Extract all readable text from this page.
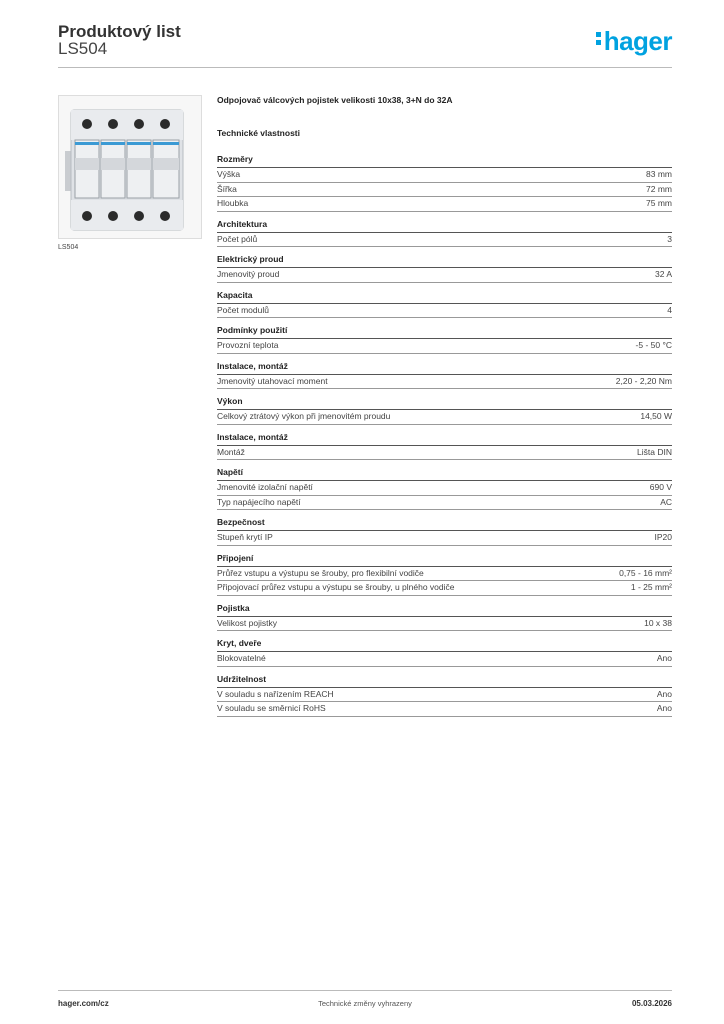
Produktový list
LS504	hager
LS504
Odpojovač válcových pojistek velikosti 10x38, 3+N do 32A
Technické vlastnosti
Rozměry
Výška	83 mm
Šířka	72 mm
Hloubka	75 mm
Architektura
Počet pólů	3
Elektrický proud
Jmenovitý proud	32 A
Kapacita
Počet modulů	4
Podmínky použití
Provozní teplota	-5 - 50 °C
Instalace, montáž
Jmenovitý utahovací moment	2,20 - 2,20 Nm
Výkon
Celkový ztrátový výkon při jmenovitém proudu	14,50 W
Instalace, montáž
Montáž	Lišta DIN
Napětí
Jmenovité izolační napětí	690 V
Typ napájecího napětí	AC
Bezpečnost
Stupeň krytí IP	IP20
Připojení
Průřez vstupu a výstupu se šrouby, pro flexibilní vodiče	0,75 - 16 mm²
Připojovací průřez vstupu a výstupu se šrouby, u plného vodiče	1 - 25 mm²
Pojistka
Velikost pojistky	10 x 38
Kryt, dveře
Blokovatelné	Ano
Udržitelnost
V souladu s nařízením REACH	Ano
V souladu se směrnicí RoHS	Ano
hager.com/cz	Technické změny vyhrazeny	05.03.2026
